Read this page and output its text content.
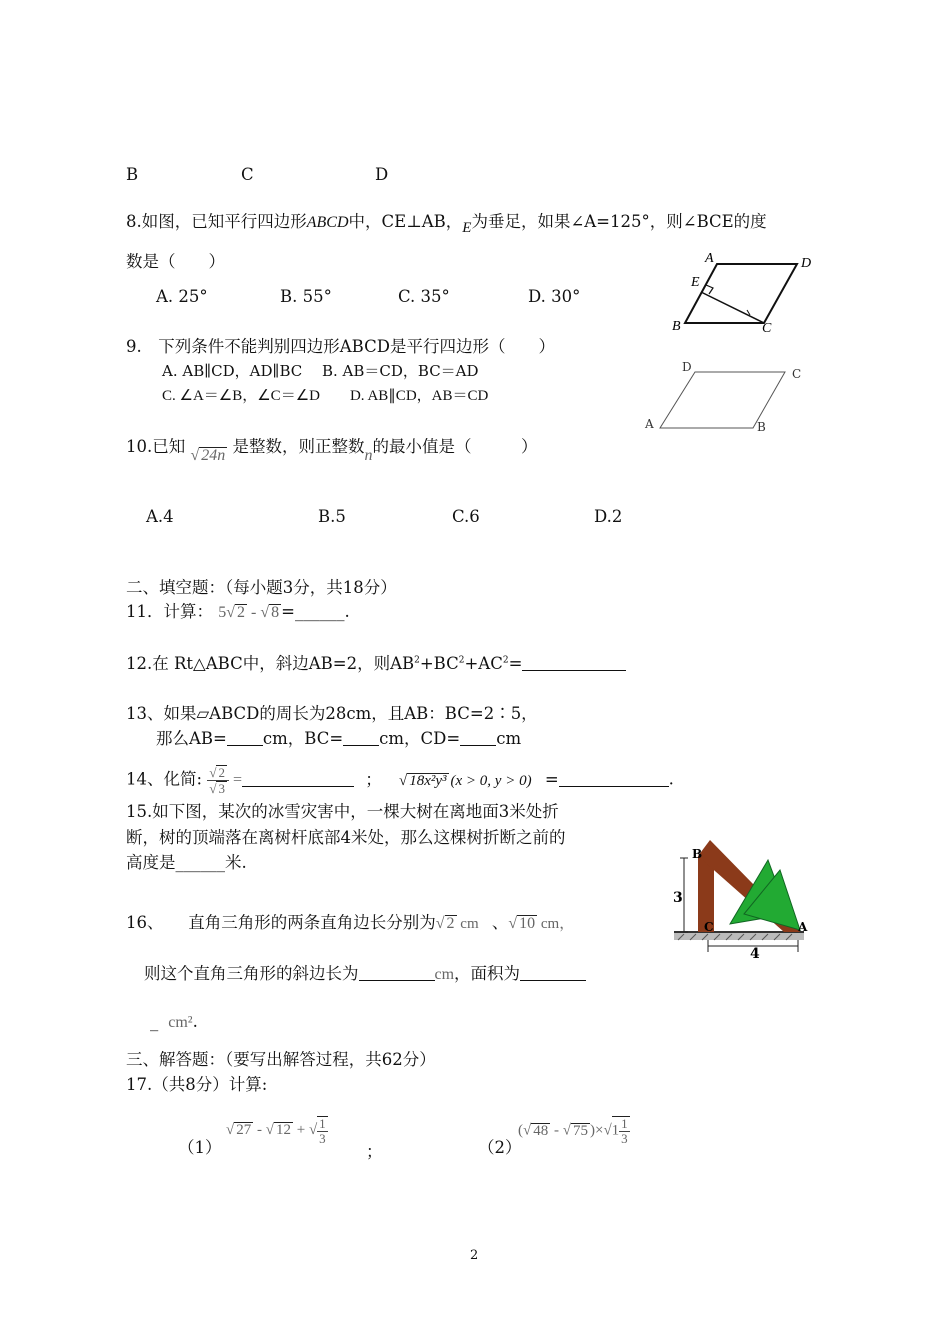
B	C	D
8.如图，已知平行四边形ABCD中，CE⊥AB，E为垂足，如果∠A=125°，则∠BCE的度
数是（　　）
A. 25°	B. 55°	C. 35°	D. 30°
A	D
E
B	C
9.　下列条件不能判别四边形ABCD是平行四边形（　　）
A. AB∥CD，AD∥BC　 B. AB＝CD，BC＝AD
C. ∠A＝∠B，∠C＝∠D　　D. AB∥CD，AB＝CD
D	C
A	B
10.已知 √ 24n 是整数，则正整数n的最小值是（　　　）
A.4	B.5	C.6	D.2
二、填空题：（每小题3分，共18分）
11．计算： 5√ 2 - √ 8 =______.
12.在 Rt△ABC中，斜边AB=2，则$AB^2+BC^2+AC^2=$
13、如果▱ABCD的周长为28cm，且AB：BC=2∶5，
那么AB= cm，BC= cm，CD= cm
14、化简: $\frac{√ 2}{√ 3}$ =	； √ 18x²y³ (x > 0, y > 0) =	.
15.如下图，某次的冰雪灾害中，一棵大树在离地面3米处折
断，树的顶端落在离树杆底部4米处，那么这棵树折断之前的
高度是______米.	B
C	A
3
4
16、　　直角三角形的两条直角边长分别为√ 2 cm 、√ 10 cm，
则这个直角三角形的斜边长为	cm，面积为
_ cm².
三、解答题：（要写出解答过程，共62分）
17.（共8分）计算:
（1）
√ 27 - √ 12 + √ $\frac{1}{3}$
；	（2）
(√ 48 - √ 75 )$\times√1 \frac{1}{3}$
2
